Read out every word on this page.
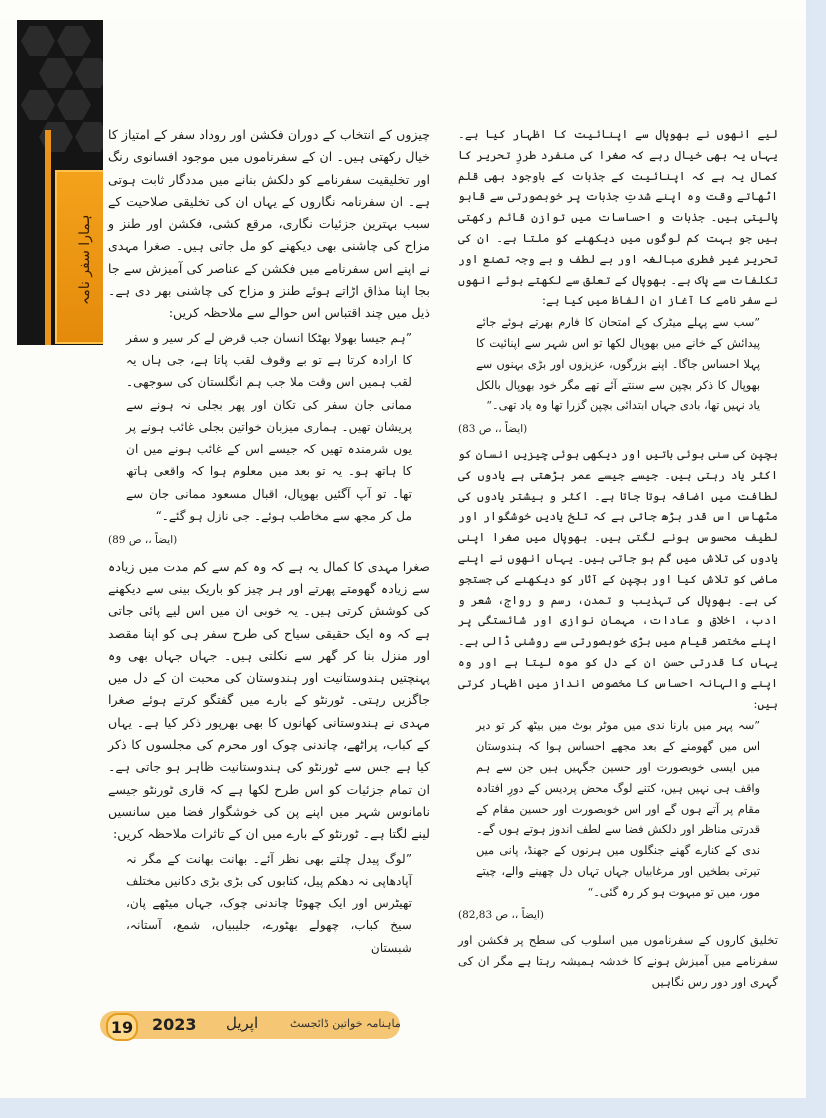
ہمارا سفر نامہ

لیے انھوں نے بھوپال سے اپنائیت کا اظہار کیا ہے۔ یہاں یہ بھی خیال رہے کہ صغرا کی منفرد طرزِ تحریر کا کمال یہ ہے کہ اپنائیت کے جذبات کے باوجود بھی قلم اٹھاتے وقت وہ اپنے شدتِ جذبات پر خوبصورتی سے قابو پالیتی ہیں۔ جذبات و احساسات میں توازن قائم رکھتی ہیں جو بہت کم لوگوں میں دیکھنے کو ملتا ہے۔ ان کی تحریر غیر فطری مبالغہ اور بے لطف و بے وجہ تصنع اور تکلفات سے پاک ہے۔ بھوپال کے تعلق سے لکھتے ہوئے انھوں نے سفر نامے کا آغاز ان الفاظ میں کیا ہے:

”سب سے پہلے میٹرک کے امتحان کا فارم بھرتے ہوئے جائے پیدائش کے خانے میں بھوپال لکھا تو اس شہر سے اپنائیت کا پہلا احساس جاگا۔ اپنے بزرگوں، عزیزوں اور بڑی بہنوں سے بھوپال کا ذکر بچپن سے سنتے آئے تھے مگر خود بھوپال بالکل یاد نہیں تھا، بادی جہاں ابتدائی بچپن گزرا تھا وہ یاد تھی۔“

(ایضاً ،، ص 83)

بچپن کی سنی ہوئی باتیں اور دیکھی ہوئی چیزیں انسان کو اکثر یاد رہتی ہیں۔ جیسے جیسے عمر بڑھتی ہے یادوں کی لطافت میں اضافہ ہوتا جاتا ہے۔ اکثر و بیشتر یادوں کی مٹھاس اس قدر بڑھ جاتی ہے کہ تلخ یادیں خوشگوار اور لطیف محسوس ہونے لگتی ہیں۔ بھوپال میں صغرا اپنی یادوں کی تلاش میں گم ہو جاتی ہیں۔ یہاں انھوں نے اپنے ماضی کو تلاش کیا اور بچپن کے آثار کو دیکھنے کی جستجو کی ہے۔ بھوپال کی تہذیب و تمدن، رسم و رواج، شعر و ادب، اخلاق و عادات، مہمان نوازی اور شائستگی پر اپنے مختصر قیام میں بڑی خوبصورتی سے روشنی ڈالی ہے۔ یہاں کا قدرتی حسن ان کے دل کو موہ لیتا ہے اور وہ اپنے والہانہ احساس کا مخصوص انداز میں اظہار کرتی ہیں:

”سہ پہر میں بارنا ندی میں موٹر بوٹ میں بیٹھ کر تو دیر اس میں گھومنے کے بعد مجھے احساس ہوا کہ ہندوستان میں ایسی خوبصورت اور حسین جگہیں ہیں جن سے ہم واقف ہی نہیں ہیں، کتنے لوگ محض پردیس کے دورِ افتادہ مقام پر آتے ہوں گے اور اس خوبصورت اور حسین مقام کے قدرتی مناظر اور دلکش فضا سے لطف اندوز ہوتے ہوں گے۔ ندی کے کنارے گھنے جنگلوں میں ہرنوں کے جھنڈ، پانی میں تیرتی بطخیں اور مرغابیاں جہاں تہاں دل چھینے والے، چیتے مور، میں تو مبہوت ہو کر رہ گئی۔“

(ایضاً ،، ص 82,83)

تخلیق کاروں کے سفرناموں میں اسلوب کی سطح پر فکشن اور سفرنامے میں آمیزش ہونے کا خدشہ ہمیشہ رہتا ہے مگر ان کی گہری اور دور رس نگاہیں

چیزوں کے انتخاب کے دوران فکشن اور روداد سفر کے امتیاز کا خیال رکھتی ہیں۔ ان کے سفرناموں میں موجود افسانوی رنگ اور تخلیقیت سفرنامے کو دلکش بنانے میں مددگار ثابت ہوتی ہے۔ ان سفرنامہ نگاروں کے یہاں ان کی تخلیقی صلاحیت کے سبب بہترین جزئیات نگاری، مرقع کشی، فکشن اور طنز و مزاح کی چاشنی بھی دیکھنے کو مل جاتی ہیں۔ صغرا مہدی نے اپنے اس سفرنامے میں فکشن کے عناصر کی آمیزش سے جا بجا اپنا مذاق اڑاتے ہوئے طنز و مزاح کی چاشنی بھر دی ہے۔ ذیل میں چند اقتباس اس حوالے سے ملاحظہ کریں:

”ہم جیسا بھولا بھٹکا انسان جب قرض لے کر سیر و سفر کا ارادہ کرتا ہے تو بے وقوف لقب پاتا ہے، جی ہاں یہ لقب ہمیں اس وقت ملا جب ہم انگلستان کی سوجھی۔ ممانی جان سفر کی تکان اور پھر بجلی نہ ہونے سے پریشان تھیں۔ ہماری میزبان خواتین بجلی غائب ہونے پر یوں شرمندہ تھیں کہ جیسے اس کے غائب ہونے میں ان کا ہاتھ ہو۔ یہ تو بعد میں معلوم ہوا کہ واقعی ہاتھ تھا۔ تو آپ آگئیں بھوپال، اقبال مسعود ممانی جان سے مل کر مجھ سے مخاطب ہوئے۔ جی نازل ہو گئے۔“

(ایضاً ،، ص 89)

صغرا مہدی کا کمال یہ ہے کہ وہ کم سے کم مدت میں زیادہ سے زیادہ گھومتے پھرتے اور ہر چیز کو باریک بینی سے دیکھنے کی کوشش کرتی ہیں۔ یہ خوبی ان میں اس لیے پائی جاتی ہے کہ وہ ایک حقیقی سیاح کی طرح سفر ہی کو اپنا مقصد اور منزل بنا کر گھر سے نکلتی ہیں۔ جہاں جہاں بھی وہ پہنچتیں ہندوستانیت اور ہندوستان کی محبت ان کے دل میں جاگزیں رہتی۔ ٹورنٹو کے بارے میں گفتگو کرتے ہوئے صغرا مہدی نے ہندوستانی کھانوں کا بھی بھرپور ذکر کیا ہے۔ یہاں کے کباب، پراٹھے، چاندنی چوک اور محرم کی مجلسوں کا ذکر کیا ہے جس سے ٹورنٹو کی ہندوستانیت ظاہر ہو جاتی ہے۔ ان تمام جزئیات کو اس طرح لکھا ہے کہ قاری ٹورنٹو جیسے نامانوس شہر میں اپنے پن کی خوشگوار فضا میں سانسیں لینے لگتا ہے۔ ٹورنٹو کے بارے میں ان کے تاثرات ملاحظہ کریں:

”لوگ پیدل چلتے بھی نظر آئے۔ بھانت بھانت کے مگر نہ آپادھاپی نہ دھکم پیل، کتابوں کی بڑی بڑی دکانیں مختلف تھیٹرس اور ایک چھوٹا چاندنی چوک، جہاں میٹھے پان، سیخ کباب، چھولے بھٹورے، جلیبیاں، شمع، آستانہ، شبستان

19	2023 اپریل	ماہنامہ خواتین ڈائجسٹ
